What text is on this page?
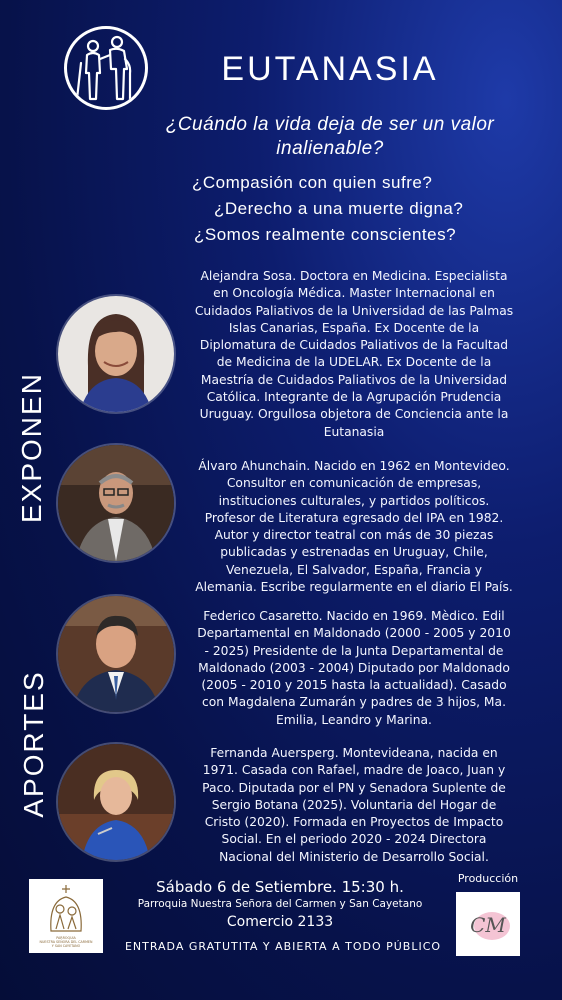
EUTANASIA
¿Cuándo la vida deja de ser un valor inalienable?
¿Compasión con quien sufre?
¿Derecho a una muerte digna?
¿Somos realmente conscientes?
EXPONEN
APORTES
Alejandra Sosa. Doctora en Medicina. Especialista en Oncología Médica. Master Internacional en Cuidados Paliativos de la Universidad de las Palmas Islas Canarias, España. Ex Docente de la Diplomatura de Cuidados Paliativos de la Facultad de Medicina de la UDELAR. Ex Docente de la Maestría de Cuidados Paliativos de la Universidad Católica. Integrante de la Agrupación Prudencia Uruguay. Orgullosa objetora de Conciencia ante la Eutanasia
Álvaro Ahunchain. Nacido en 1962 en Montevideo. Consultor en comunicación de empresas, instituciones culturales, y partidos políticos. Profesor de Literatura egresado del IPA en 1982. Autor y director teatral con más de 30 piezas publicadas y estrenadas en Uruguay, Chile, Venezuela, El Salvador, España, Francia y Alemania. Escribe regularmente en el diario El País.
Federico Casaretto. Nacido en 1969. Mèdico. Edil Departamental en Maldonado (2000 - 2005 y 2010 - 2025) Presidente de la Junta Departamental de Maldonado (2003 - 2004) Diputado por Maldonado (2005 - 2010 y 2015 hasta la actualidad). Casado con Magdalena Zumarán y padres de 3 hijos, Ma. Emilia, Leandro y Marina.
Fernanda Auersperg. Montevideana, nacida en 1971. Casada con Rafael, madre de Joaco, Juan y Paco. Diputada por el PN y Senadora Suplente de Sergio Botana (2025). Voluntaria del Hogar de Cristo (2020). Formada en Proyectos de Impacto Social. En el periodo 2020 - 2024 Directora Nacional del Ministerio de Desarrollo Social.
PARROQUIA
NUESTRA SEÑORA DEL CARMEN
Y SAN CAYETANO
Sábado 6 de Setiembre. 15:30 h.
Parroquia Nuestra Señora del Carmen y San Cayetano
Comercio 2133
ENTRADA GRATUTITA Y ABIERTA A TODO PÚBLICO
Producción
CM
